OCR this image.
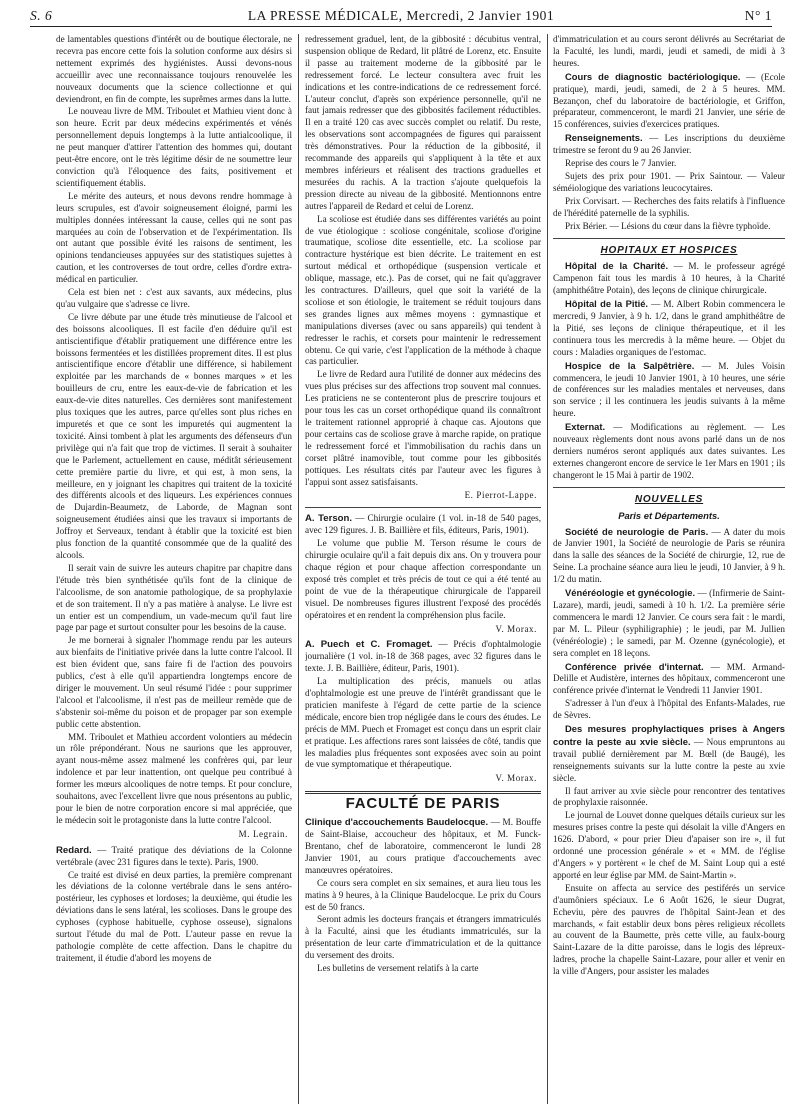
S. 6	LA PRESSE MÉDICALE, Mercredi, 2 Janvier 1901	N° 1

de lamentables questions d'intérêt ou de boutique électorale, ne recevra pas encore cette fois la solution conforme aux désirs si nettement exprimés des hygiénistes. Aussi devons-nous accueillir avec une reconnaissance toujours renouvelée les nouveaux documents que la science collectionne et qui deviendront, en fin de compte, les suprêmes armes dans la lutte.

Le nouveau livre de MM. Triboulet et Mathieu vient donc à son heure. Ecrit par deux médecins expérimentés et vénés personnellement depuis longtemps à la lutte antialcoolique, il ne peut manquer d'attirer l'attention des hommes qui, doutant peut-être encore, ont le très légitime désir de ne soumettre leur conviction qu'à l'éloquence des faits, positivement et scientifiquement établis.

Le mérite des auteurs, et nous devons rendre hommage à leurs scrupules, est d'avoir soigneusement éloigné, parmi les multiples données intéressant la cause, celles qui ne sont pas marquées au coin de l'observation et de l'expérimentation. Ils ont autant que possible évité les raisons de sentiment, les opinions tendancieuses appuyées sur des statistiques sujettes à caution, et les controverses de tout ordre, celles d'ordre extra-médical en particulier.

Cela est bien net : c'est aux savants, aux médecins, plus qu'au vulgaire que s'adresse ce livre.

Ce livre débute par une étude très minutieuse de l'alcool et des boissons alcooliques. Il est facile d'en déduire qu'il est antiscientifique d'établir pratiquement une différence entre les boissons fermentées et les distillées proprement dites. Il est plus antiscientifique encore d'établir une différence, si habilement exploitée par les marchands de « bonnes marques » et les bouilleurs de cru, entre les eaux-de-vie de fabrication et les eaux-de-vie dites naturelles. Ces dernières sont manifestement plus toxiques que les autres, parce qu'elles sont plus riches en impuretés et que ce sont les impuretés qui augmentent la toxicité. Ainsi tombent à plat les arguments des défenseurs d'un privilège qui n'a fait que trop de victimes. Il serait à souhaiter que le Parlement, actuellement en cause, méditât sérieusement cette première partie du livre, et qui est, à mon sens, la meilleure, en y joignant les chapitres qui traitent de la toxicité des différents alcools et des liqueurs. Les expériences connues de Dujardin-Beaumetz, de Laborde, de Magnan sont soigneusement étudiées ainsi que les travaux si importants de Joffroy et Serveaux, tendant à établir que la toxicité est bien plus fonction de la quantité consommée que de la qualité des alcools.

Il serait vain de suivre les auteurs chapitre par chapitre dans l'étude très bien synthétisée qu'ils font de la clinique de l'alcoolisme, de son anatomie pathologique, de sa prophylaxie et de son traitement. Il n'y a pas matière à analyse. Le livre est un entier est un compendium, un vade-mecum qu'il faut lire page par page et surtout consulter pour les besoins de la cause.

Je me bornerai à signaler l'hommage rendu par les auteurs aux bienfaits de l'initiative privée dans la lutte contre l'alcool. Il est bien évident que, sans faire fi de l'action des pouvoirs publics, c'est à elle qu'il appartiendra longtemps encore de diriger le mouvement. Un seul résumé l'idée : pour supprimer l'alcool et l'alcoolisme, il n'est pas de meilleur remède que de s'abstenir soi-même du poison et de propager par son exemple public cette abstention.

MM. Triboulet et Mathieu accordent volontiers au médecin un rôle prépondérant. Nous ne saurions que les approuver, ayant nous-même assez malmené les confrères qui, par leur indolence et par leur inattention, ont quelque peu contribué à former les mœurs alcooliques de notre temps. Et pour conclure, souhaitons, avec l'excellent livre que nous présentons au public, pour le bien de notre corporation encore si mal appréciée, que le médecin soit le protagoniste dans la lutte contre l'alcool.

M. Legrain.

Redard. — Traité pratique des déviations de la Colonne vertébrale (avec 231 figures dans le texte). Paris, 1900.

Ce traité est divisé en deux parties, la première comprenant les déviations de la colonne vertébrale dans le sens antéro-postérieur, les cyphoses et lordoses; la deuxième, qui étudie les déviations dans le sens latéral, les scolioses. Dans le groupe des cyphoses (cyphose habituelle, cyphose osseuse), signalons surtout l'étude du mal de Pott. L'auteur passe en revue la pathologie complète de cette affection. Dans le chapitre du traitement, il étudie d'abord les moyens de

redressement graduel, lent, de la gibbosité : décubitus ventral, suspension oblique de Redard, lit plâtré de Lorenz, etc. Ensuite il passe au traitement moderne de la gibbosité par le redressement forcé. Le lecteur consultera avec fruit les indications et les contre-indications de ce redressement forcé. L'auteur conclut, d'après son expérience personnelle, qu'il ne faut jamais redresser que des gibbosités facilement réductibles. Il en a traité 120 cas avec succès complet ou relatif. Du reste, les observations sont accompagnées de figures qui paraissent très démonstratives. Pour la réduction de la gibbosité, il recommande des appareils qui s'appliquent à la tête et aux membres inférieurs et réalisent des tractions graduelles et mesurées du rachis. A la traction s'ajoute quelquefois la pression directe au niveau de la gibbosité. Mentionnons entre autres l'appareil de Redard et celui de Lorenz.

La scoliose est étudiée dans ses différentes variétés au point de vue étiologique : scoliose congénitale, scoliose d'origine traumatique, scoliose dite essentielle, etc. La scoliose par contracture hystérique est bien décrite. Le traitement en est surtout médical et orthopédique (suspension verticale et oblique, massage, etc.). Pas de corset, qui ne fait qu'aggraver les contractures. D'ailleurs, quel que soit la variété de la scoliose et son étiologie, le traitement se réduit toujours dans ses grandes lignes aux mêmes moyens : gymnastique et manipulations diverses (avec ou sans appareils) qui tendent à redresser le rachis, et corsets pour maintenir le redressement obtenu. Ce qui varie, c'est l'application de la méthode à chaque cas particulier.

Le livre de Redard aura l'utilité de donner aux médecins des vues plus précises sur des affections trop souvent mal connues. Les praticiens ne se contenteront plus de prescrire toujours et pour tous les cas un corset orthopédique quand ils connaîtront le traitement rationnel approprié à chaque cas. Ajoutons que pour certains cas de scoliose grave à marche rapide, on pratique le redressement forcé et l'immobilisation du rachis dans un corset plâtré inamovible, tout comme pour les gibbosités pottiques. Les résultats cités par l'auteur avec les figures à l'appui sont assez satisfaisants.

E. Pierrot-Lappe.

A. Terson. — Chirurgie oculaire (1 vol. in-18 de 540 pages, avec 129 figures. J. B. Baillière et fils, éditeurs, Paris, 1901).

Le volume que publie M. Terson résume le cours de chirurgie oculaire qu'il a fait depuis dix ans. On y trouvera pour chaque région et pour chaque affection correspondante un exposé très complet et très précis de tout ce qui a été tenté au point de vue de la thérapeutique chirurgicale de l'appareil visuel. De nombreuses figures illustrent l'exposé des procédés opératoires et en rendent la compréhension plus facile.

V. Morax.

A. Puech et C. Fromaget. — Précis d'ophtalmologie journalière (1 vol. in-18 de 368 pages, avec 32 figures dans le texte. J. B. Baillière, éditeur, Paris, 1901).

La multiplication des précis, manuels ou atlas d'ophtalmologie est une preuve de l'intérêt grandissant que le praticien manifeste à l'égard de cette partie de la science médicale, encore bien trop négligée dans le cours des études. Le précis de MM. Puech et Fromaget est conçu dans un esprit clair et pratique. Les affections rares sont laissées de côté, tandis que les maladies plus fréquentes sont exposées avec soin au point de vue symptomatique et thérapeutique.

V. Morax.
FACULTÉ DE PARIS

Clinique d'accouchements Baudelocque. — M. Bouffe de Saint-Blaise, accoucheur des hôpitaux, et M. Funck-Brentano, chef de laboratoire, commenceront le lundi 28 Janvier 1901, au cours pratique d'accouchements avec manœuvres opératoires.

Ce cours sera complet en six semaines, et aura lieu tous les matins à 9 heures, à la Clinique Baudelocque. Le prix du Cours est de 50 francs.

Seront admis les docteurs français et étrangers immatriculés à la Faculté, ainsi que les étudiants immatriculés, sur la présentation de leur carte d'immatriculation et de la quittance du versement des droits.

Les bulletins de versement relatifs à la carte

d'immatriculation et au cours seront délivrés au Secrétariat de la Faculté, les lundi, mardi, jeudi et samedi, de midi à 3 heures.

Cours de diagnostic bactériologique. — (Ecole pratique), mardi, jeudi, samedi, de 2 à 5 heures. MM. Bezançon, chef du laboratoire de bactériologie, et Griffon, préparateur, commenceront, le mardi 21 Janvier, une série de 15 conférences, suivies d'exercices pratiques.

Renseignements. — Les inscriptions du deuxième trimestre se feront du 9 au 26 Janvier.

Reprise des cours le 7 Janvier.

Sujets des prix pour 1901. — Prix Saintour. — Valeur séméiologique des variations leucocytaires.

Prix Corvisart. — Recherches des faits relatifs à l'influence de l'hérédité paternelle de la syphilis.

Prix Bérier. — Lésions du cœur dans la fièvre typhoïde.

HOPITAUX ET HOSPICES

Hôpital de la Charité. — M. le professeur agrégé Campenon fait tous les mardis à 10 heures, à la Charité (amphithéâtre Potain), des leçons de clinique chirurgicale.

Hôpital de la Pitié. — M. Albert Robin commencera le mercredi, 9 Janvier, à 9 h. 1/2, dans le grand amphithéâtre de la Pitié, ses leçons de clinique thérapeutique, et il les continuera tous les mercredis à la même heure. — Objet du cours : Maladies organiques de l'estomac.

Hospice de la Salpêtrière. — M. Jules Voisin commencera, le jeudi 10 Janvier 1901, à 10 heures, une série de conférences sur les maladies mentales et nerveuses, dans son service ; il les continuera les jeudis suivants à la même heure.

Externat. — Modifications au règlement. — Les nouveaux règlements dont nous avons parlé dans un de nos derniers numéros seront appliqués aux dates suivantes. Les externes changeront encore de service le 1er Mars en 1901 ; ils changeront le 15 Mai à partir de 1902.

NOUVELLES
Paris et Départements.

Société de neurologie de Paris. — A dater du mois de Janvier 1901, la Société de neurologie de Paris se réunira dans la salle des séances de la Société de chirurgie, 12, rue de Seine. La prochaine séance aura lieu le jeudi, 10 Janvier, à 9 h. 1/2 du matin.

Vénéréologie et gynécologie. — (Infirmerie de Saint-Lazare), mardi, jeudi, samedi à 10 h. 1/2. La première série commencera le mardi 12 Janvier. Ce cours sera fait : le mardi, par M. L. Pileur (syphiligraphie) ; le jeudi, par M. Jullien (vénéréologie) ; le samedi, par M. Ozenne (gynécologie), et sera complet en 18 leçons.

Conférence privée d'internat. — MM. Armand-Delille et Audistère, internes des hôpitaux, commenceront une conférence privée d'internat le Vendredi 11 Janvier 1901.

S'adresser à l'un d'eux à l'hôpital des Enfants-Malades, rue de Sèvres.

Des mesures prophylactiques prises à Angers contre la peste au xvie siècle. — Nous empruntons au travail publié dernièrement par M. Bœll (de Baugé), les renseignements suivants sur la lutte contre la peste au xvie siècle.

Il faut arriver au xvie siècle pour rencontrer des tentatives de prophylaxie raisonnée.

Le journal de Louvet donne quelques détails curieux sur les mesures prises contre la peste qui désolait la ville d'Angers en 1626. D'abord, « pour prier Dieu d'apaiser son ire », il fut ordonné une procession générale » et « MM. de l'église d'Angers » y portèrent « le chef de M. Saint Loup qui a esté apporté en leur église par MM. de Saint-Martin ».

Ensuite on affecta au service des pestiférés un service d'aumôniers spéciaux. Le 6 Août 1626, le sieur Dugrat, Echeviu, père des pauvres de l'hôpital Saint-Jean et des marchands, « fait establir deux bons pères religieux récollets au couvent de la Baumette, près cette ville, au faulx-bourg Saint-Lazare de la ditte paroisse, dans le logis des lépreux-ladres, proche la chapelle Saint-Lazare, pour aller et venir en la ville d'Angers, pour assister les malades
